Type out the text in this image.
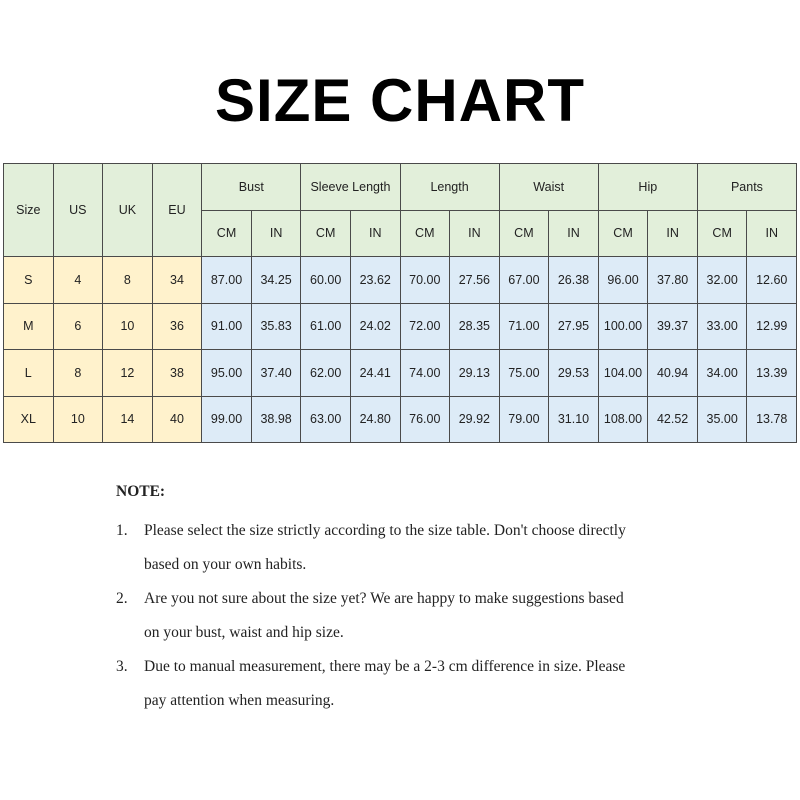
SIZE CHART
Size	US	UK	EU	Bust		Sleeve Length		Length		Waist		Hip		Pants	
				CM	IN	CM	IN	CM	IN	CM	IN	CM	IN	CM	IN
S	4	8	34	87.00	34.25	60.00	23.62	70.00	27.56	67.00	26.38	96.00	37.80	32.00	12.60
M	6	10	36	91.00	35.83	61.00	24.02	72.00	28.35	71.00	27.95	100.00	39.37	33.00	12.99
L	8	12	38	95.00	37.40	62.00	24.41	74.00	29.13	75.00	29.53	104.00	40.94	34.00	13.39
XL	10	14	40	99.00	38.98	63.00	24.80	76.00	29.92	79.00	31.10	108.00	42.52	35.00	13.78
NOTE:
1. Please select the size strictly according to the size table. Don't choose directly
based on your own habits.
2. Are you not sure about the size yet? We are happy to make suggestions based
on your bust, waist and hip size.
3. Due to manual measurement, there may be a 2-3 cm difference in size. Please
pay attention when measuring.
